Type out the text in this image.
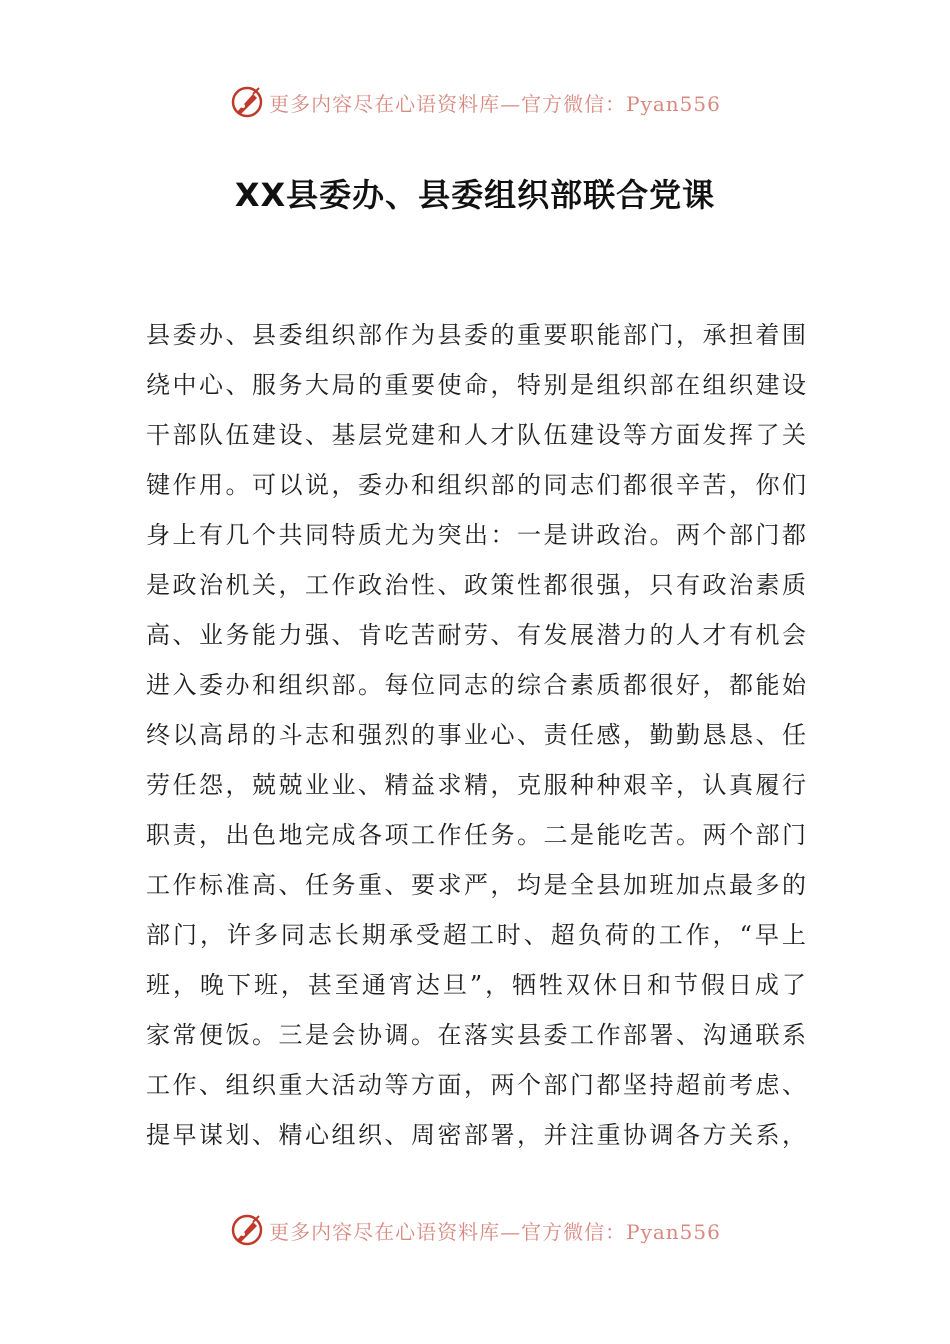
更多内容尽在心语资料库—官方微信：Pyan556
XX县委办、县委组织部联合党课
县 委 办 、 县 委 组 织 部 作 为 县 委 的 重 要 职 能 部 门 ， 承 担 着 围
绕 中 心 、 服 务 大 局 的 重 要 使 命 ， 特 别 是 组 织 部 在 组 织 建 设
干 部 队 伍 建 设 、 基 层 党 建 和 人 才 队 伍 建 设 等 方 面 发 挥 了 关
键 作 用 。 可 以 说 ， 委 办 和 组 织 部 的 同 志 们 都 很 辛 苦 ， 你 们
身 上 有 几 个 共 同 特 质 尤 为 突 出 ： 一 是 讲 政 治 。 两 个 部 门 都
是 政 治 机 关 ， 工 作 政 治 性 、 政 策 性 都 很 强 ， 只 有 政 治 素 质
高 、 业 务 能 力 强 、 肯 吃 苦 耐 劳 、 有 发 展 潜 力 的 人 才 有 机 会
进 入 委 办 和 组 织 部 。 每 位 同 志 的 综 合 素 质 都 很 好 ， 都 能 始
终 以 高 昂 的 斗 志 和 强 烈 的 事 业 心 、 责 任 感 ， 勤 勤 恳 恳 、 任
劳 任 怨 ， 兢 兢 业 业 、 精 益 求 精 ， 克 服 种 种 艰 辛 ， 认 真 履 行
职 责 ， 出 色 地 完 成 各 项 工 作 任 务 。 二 是 能 吃 苦 。 两 个 部 门
工 作 标 准 高 、 任 务 重 、 要 求 严 ， 均 是 全 县 加 班 加 点 最 多 的
部 门 ， 许 多 同 志 长 期 承 受 超 工 时 、 超 负 荷 的 工 作 ， “ 早 上
班 ， 晚 下 班 ， 甚 至 通 宵 达 旦 ” ， 牺 牲 双 休 日 和 节 假 日 成 了
家 常 便 饭 。 三 是 会 协 调 。 在 落 实 县 委 工 作 部 署 、 沟 通 联 系
工 作 、 组 织 重 大 活 动 等 方 面 ， 两 个 部 门 都 坚 持 超 前 考 虑 、
提 早 谋 划 、 精 心 组 织 、 周 密 部 署 ， 并 注 重 协 调 各 方 关 系 ，
更多内容尽在心语资料库—官方微信：Pyan556
